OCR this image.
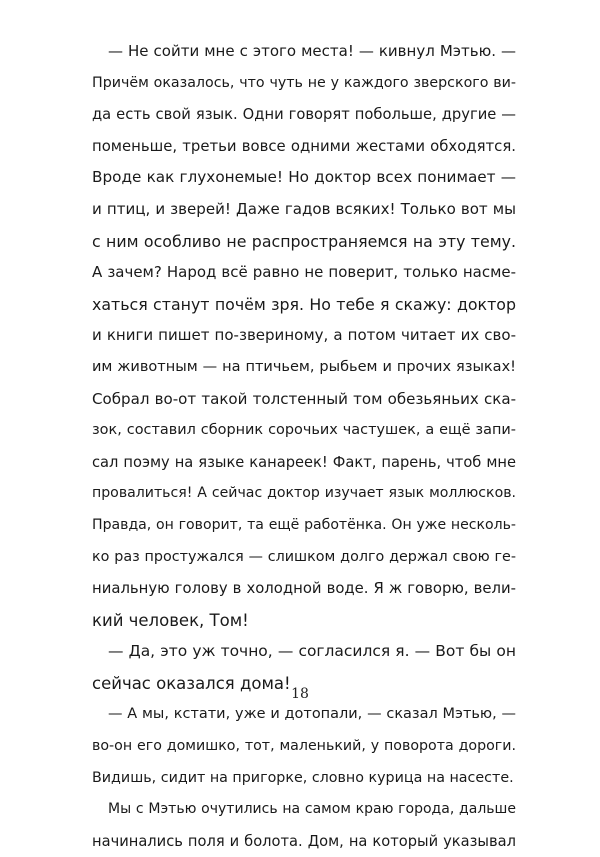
— Не сойти мне с этого места! — кивнул Мэтью. —
Причём оказалось, что чуть не у каждого зверского ви-
да есть свой язык. Одни говорят побольше, другие —
поменьше, третьи вовсе одними жестами обходятся.
Вроде как глухонемые! Но доктор всех понимает —
и птиц, и зверей! Даже гадов всяких! Только вот мы
с ним особливо не распространяемся на эту тему.
А зачем? Народ всё равно не поверит, только насме-
хаться станут почём зря. Но тебе я скажу: доктор
и книги пишет по-звериному, а потом читает их сво-
им животным — на птичьем, рыбьем и прочих языках!
Собрал во-от такой толстенный том обезьяньих ска-
зок, составил сборник сорочьих частушек, а ещё запи-
сал поэму на языке канареек! Факт, парень, чтоб мне
провалиться! А сейчас доктор изучает язык моллюсков.
Правда, он говорит, та ещё работёнка. Он уже несколь-
ко раз простужался — слишком долго держал свою ге-
ниальную голову в холодной воде. Я ж говорю, вели-
кий человек, Том!
— Да, это уж точно, — согласился я. — Вот бы он
сейчас оказался дома!
— А мы, кстати, уже и дотопали, — сказал Мэтью, —
во-он его домишко, тот, маленький, у поворота дороги.
Видишь, сидит на пригорке, словно курица на насесте.
Мы с Мэтью очутились на самом краю города, дальше
начинались поля и болота. Дом, на который указывал
18
